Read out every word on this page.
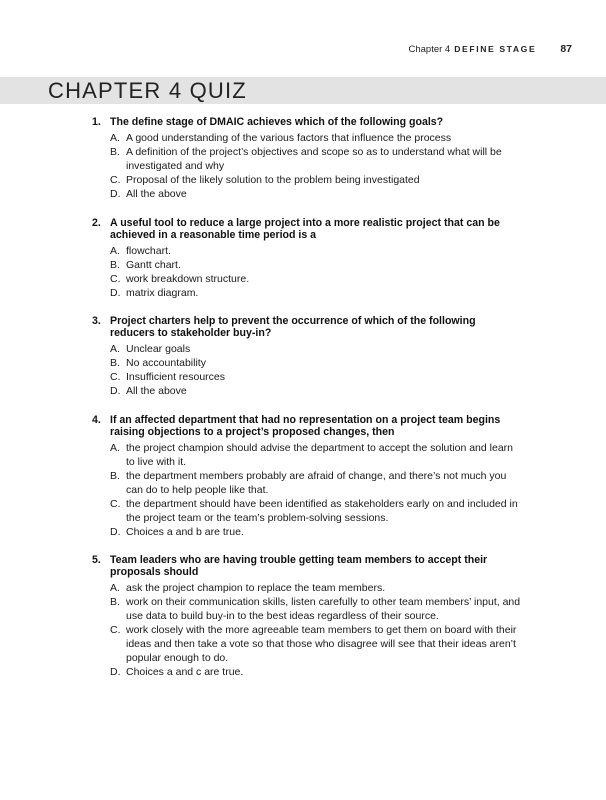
Chapter 4 DEFINE STAGE 87
CHAPTER 4 QUIZ
1. The define stage of DMAIC achieves which of the following goals?
A. A good understanding of the various factors that influence the process
B. A definition of the project’s objectives and scope so as to understand what will be investigated and why
C. Proposal of the likely solution to the problem being investigated
D. All the above
2. A useful tool to reduce a large project into a more realistic project that can be achieved in a reasonable time period is a
A. flowchart.
B. Gantt chart.
C. work breakdown structure.
D. matrix diagram.
3. Project charters help to prevent the occurrence of which of the following reducers to stakeholder buy-in?
A. Unclear goals
B. No accountability
C. Insufficient resources
D. All the above
4. If an affected department that had no representation on a project team begins raising objections to a project’s proposed changes, then
A. the project champion should advise the department to accept the solution and learn to live with it.
B. the department members probably are afraid of change, and there’s not much you can do to help people like that.
C. the department should have been identified as stakeholders early on and included in the project team or the team’s problem-solving sessions.
D. Choices a and b are true.
5. Team leaders who are having trouble getting team members to accept their proposals should
A. ask the project champion to replace the team members.
B. work on their communication skills, listen carefully to other team members’ input, and use data to build buy-in to the best ideas regardless of their source.
C. work closely with the more agreeable team members to get them on board with their ideas and then take a vote so that those who disagree will see that their ideas aren’t popular enough to do.
D. Choices a and c are true.
